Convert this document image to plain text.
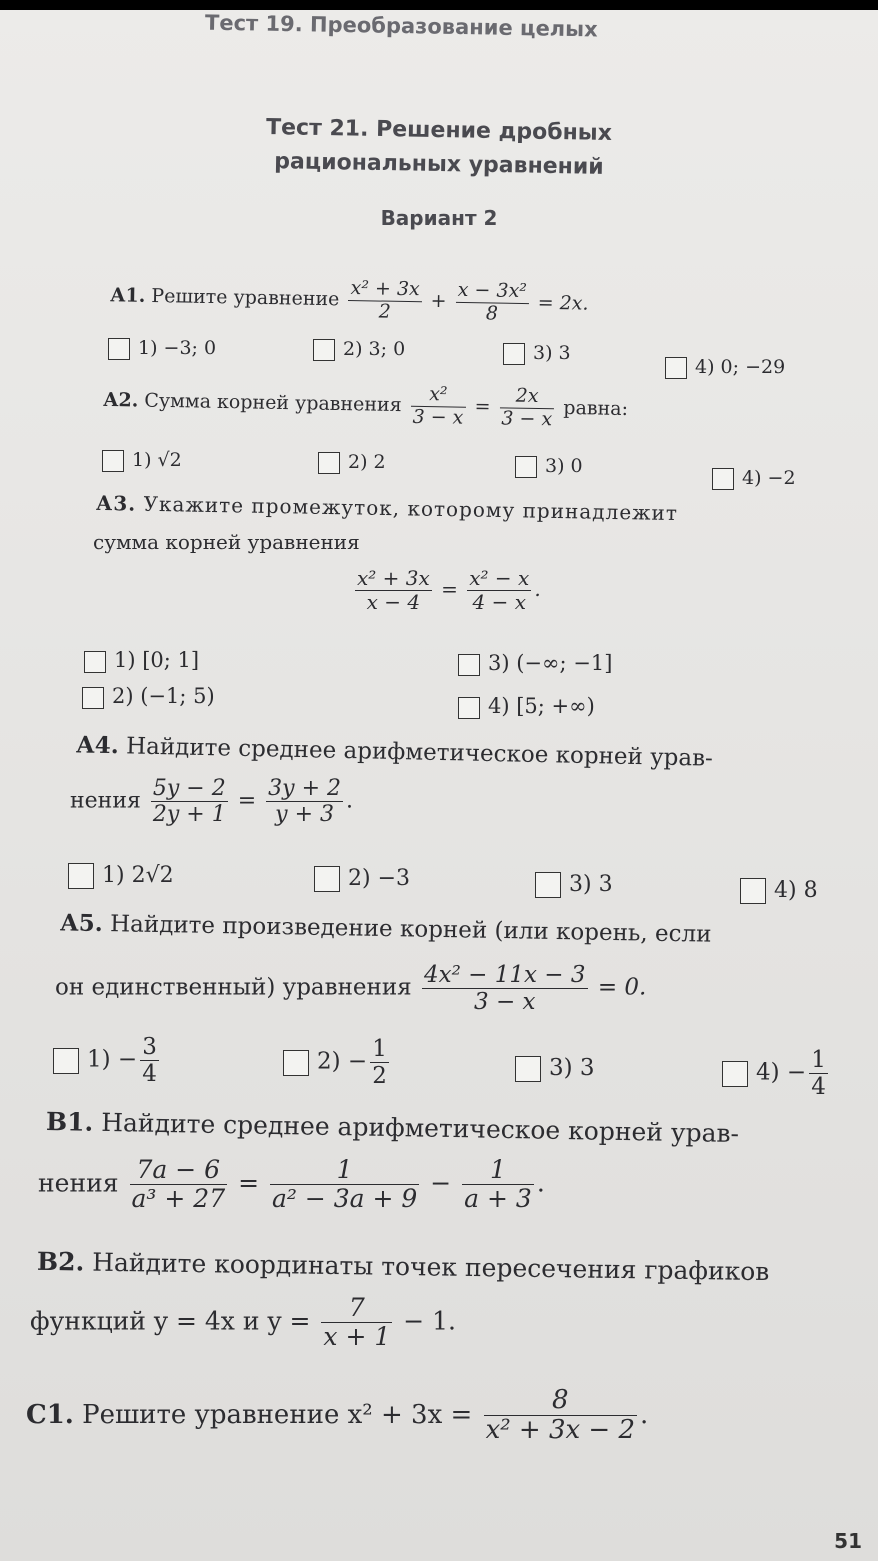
Тест 19. Преобразование целых
Тест 21. Решение дробных
рациональных уравнений
Вариант 2
А1. Решите уравнение $\frac{\text{x² + 3x}}{2} + \frac{\text{x − 3x²}}{8} = 2x$.
1) −3; 0	2) 3; 0	3) 3
4) 0; −29
А2. Сумма корней уравнения $\frac{\text{x²}}{3 - x} = \frac{2x}{3 - x}$ равна:
1) √2	2) 2	3) 0
4) −2
А3. Укажите промежуток, которому принадлежит
сумма корней уравнения
$\frac{\text{x² + 3x}}{x - 4} = \frac{\text{x² − x}}{4 - x}$ .
1) [0; 1]
2) (−1; 5)
3) (−∞; −1]
4) [5; +∞)
А4. Найдите среднее арифметическое корней урав-
нения $\frac{5y - 2}{2y + 1} = \frac{3y + 2}{y + 3}$ .
1) 2√2	2) −3	3) 3	4) 8
А5. Найдите произведение корней (или корень, если
он единственный) уравнения $\frac{\text{4x² − 11x − 3}}{3 - x} = 0$.
$1) - \frac{3}{4}$	$2) - \frac{1}{2}$	3) 3	$4) - \frac{1}{4}$
В1. Найдите среднее арифметическое корней урав-
нения $\frac{7a - 6}{\text{a³ + 27}} = \frac{1}{\text{a² − 3a + 9}} - \frac{1}{a + 3}$ .
В2. Найдите координаты точек пересечения графиков
функций y = 4x и $y = \frac{7}{x + 1} - 1$.
С1. Решите уравнение $x^2 + 3x = \frac{8}{\text{x² + 3x − 2}}$ .
51
